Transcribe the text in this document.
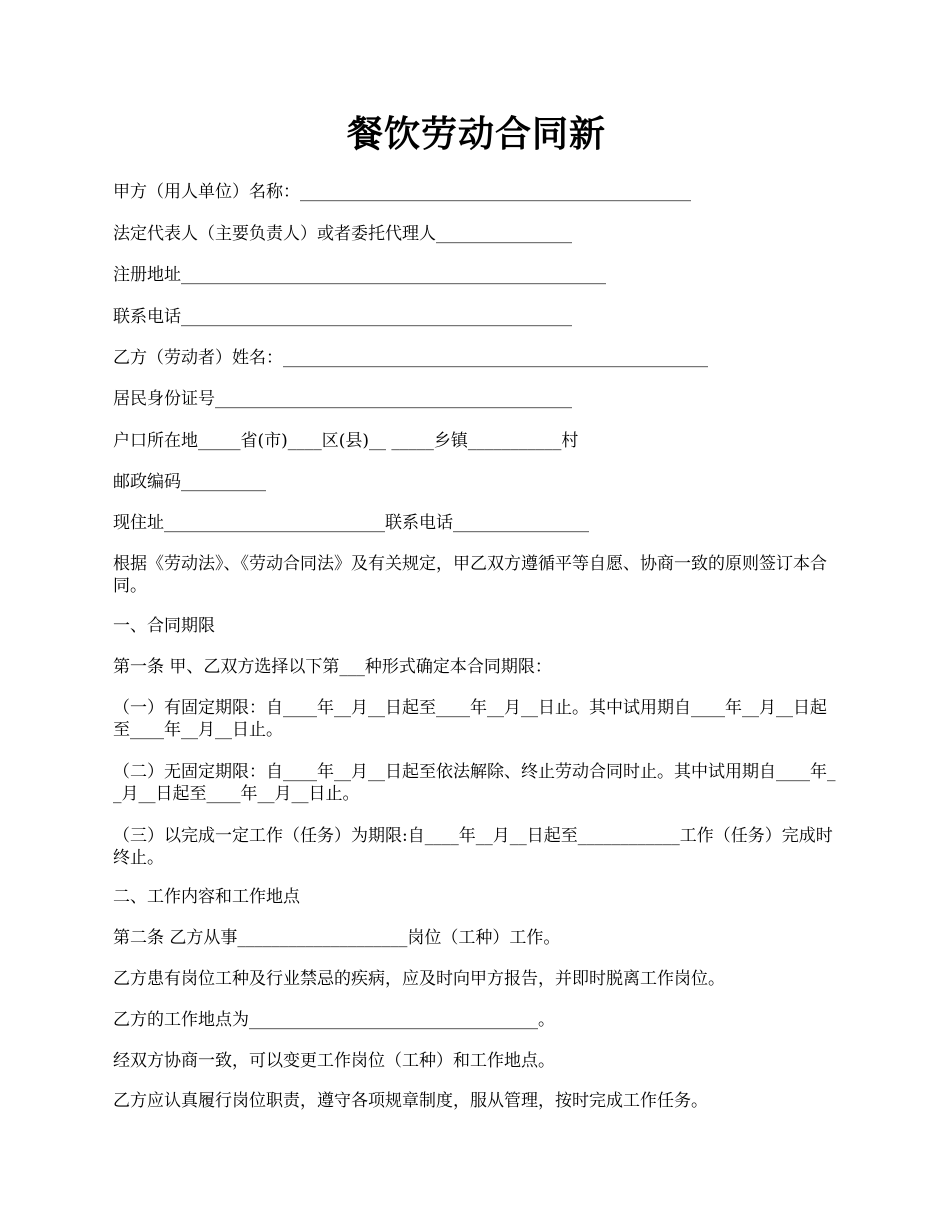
餐饮劳动合同新

甲方（用人单位）名称：______________________________________________

法定代表人（主要负责人）或者委托代理人________________

注册地址__________________________________________________

联系电话______________________________________________

乙方（劳动者）姓名：__________________________________________________

居民身份证号__________________________________________

户口所在地_____省(市)____区(县)__ _____乡镇___________村

邮政编码__________

现住址__________________________联系电话________________

根据《劳动法》、《劳动合同法》及有关规定，甲乙双方遵循平等自愿、协商一致的原则签订本合同。

一、合同期限

第一条 甲、乙双方选择以下第___种形式确定本合同期限：

（一）有固定期限：自____年__月__日起至____年__月__日止。其中试用期自____年__月__日起至____年__月__日止。

（二）无固定期限：自____年__月__日起至依法解除、终止劳动合同时止。其中试用期自____年__月__日起至____年__月__日止。

（三）以完成一定工作（任务）为期限:自____年__月__日起至____________工作（任务）完成时终止。

二、工作内容和工作地点

第二条 乙方从事____________________岗位（工种）工作。

乙方患有岗位工种及行业禁忌的疾病，应及时向甲方报告，并即时脱离工作岗位。

乙方的工作地点为__________________________________。

经双方协商一致，可以变更工作岗位（工种）和工作地点。

乙方应认真履行岗位职责，遵守各项规章制度，服从管理，按时完成工作任务。
